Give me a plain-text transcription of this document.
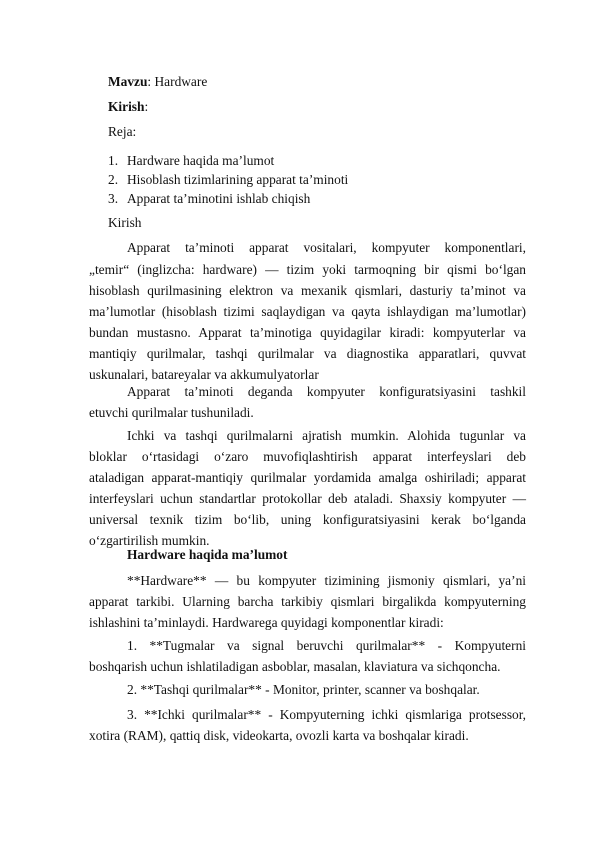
Mavzu: Hardware
Kirish:
Reja:
1. Hardware haqida ma’lumot
2. Hisoblash tizimlarining apparat ta’minoti
3. Apparat ta’minotini ishlab chiqish
Kirish
Apparat ta’minoti apparat vositalari, kompyuter komponentlari,
„temir“ (inglizcha: hardware) — tizim yoki tarmoqning bir qismi bo‘lgan
hisoblash qurilmasining elektron va mexanik qismlari, dasturiy ta’minot va
ma’lumotlar (hisoblash tizimi saqlaydigan va qayta ishlaydigan ma’lumotlar)
bundan mustasno. Apparat ta’minotiga quyidagilar kiradi: kompyuterlar va
mantiqiy qurilmalar, tashqi qurilmalar va diagnostika apparatlari, quvvat
uskunalari, batareyalar va akkumulyatorlar
Apparat ta’minoti deganda kompyuter konfiguratsiyasini tashkil
etuvchi qurilmalar tushuniladi.
Ichki va tashqi qurilmalarni ajratish mumkin. Alohida tugunlar va
bloklar o‘rtasidagi o‘zaro muvofiqlashtirish apparat interfeyslari deb
ataladigan apparat-mantiqiy qurilmalar yordamida amalga oshiriladi; apparat
interfeyslari uchun standartlar protokollar deb ataladi. Shaxsiy kompyuter —
universal texnik tizim bo‘lib, uning konfiguratsiyasini kerak bo‘lganda
o‘zgartirilish mumkin.
Hardware haqida ma’lumot
**Hardware** — bu kompyuter tizimining jismoniy qismlari, ya’ni
apparat tarkibi. Ularning barcha tarkibiy qismlari birgalikda kompyuterning
ishlashini ta’minlaydi. Hardwarega quyidagi komponentlar kiradi:
1. **Tugmalar va signal beruvchi qurilmalar** - Kompyuterni
boshqarish uchun ishlatiladigan asboblar, masalan, klaviatura va sichqoncha.
2. **Tashqi qurilmalar** - Monitor, printer, scanner va boshqalar.
3. **Ichki qurilmalar** - Kompyuterning ichki qismlariga protsessor,
xotira (RAM), qattiq disk, videokarta, ovozli karta va boshqalar kiradi.
